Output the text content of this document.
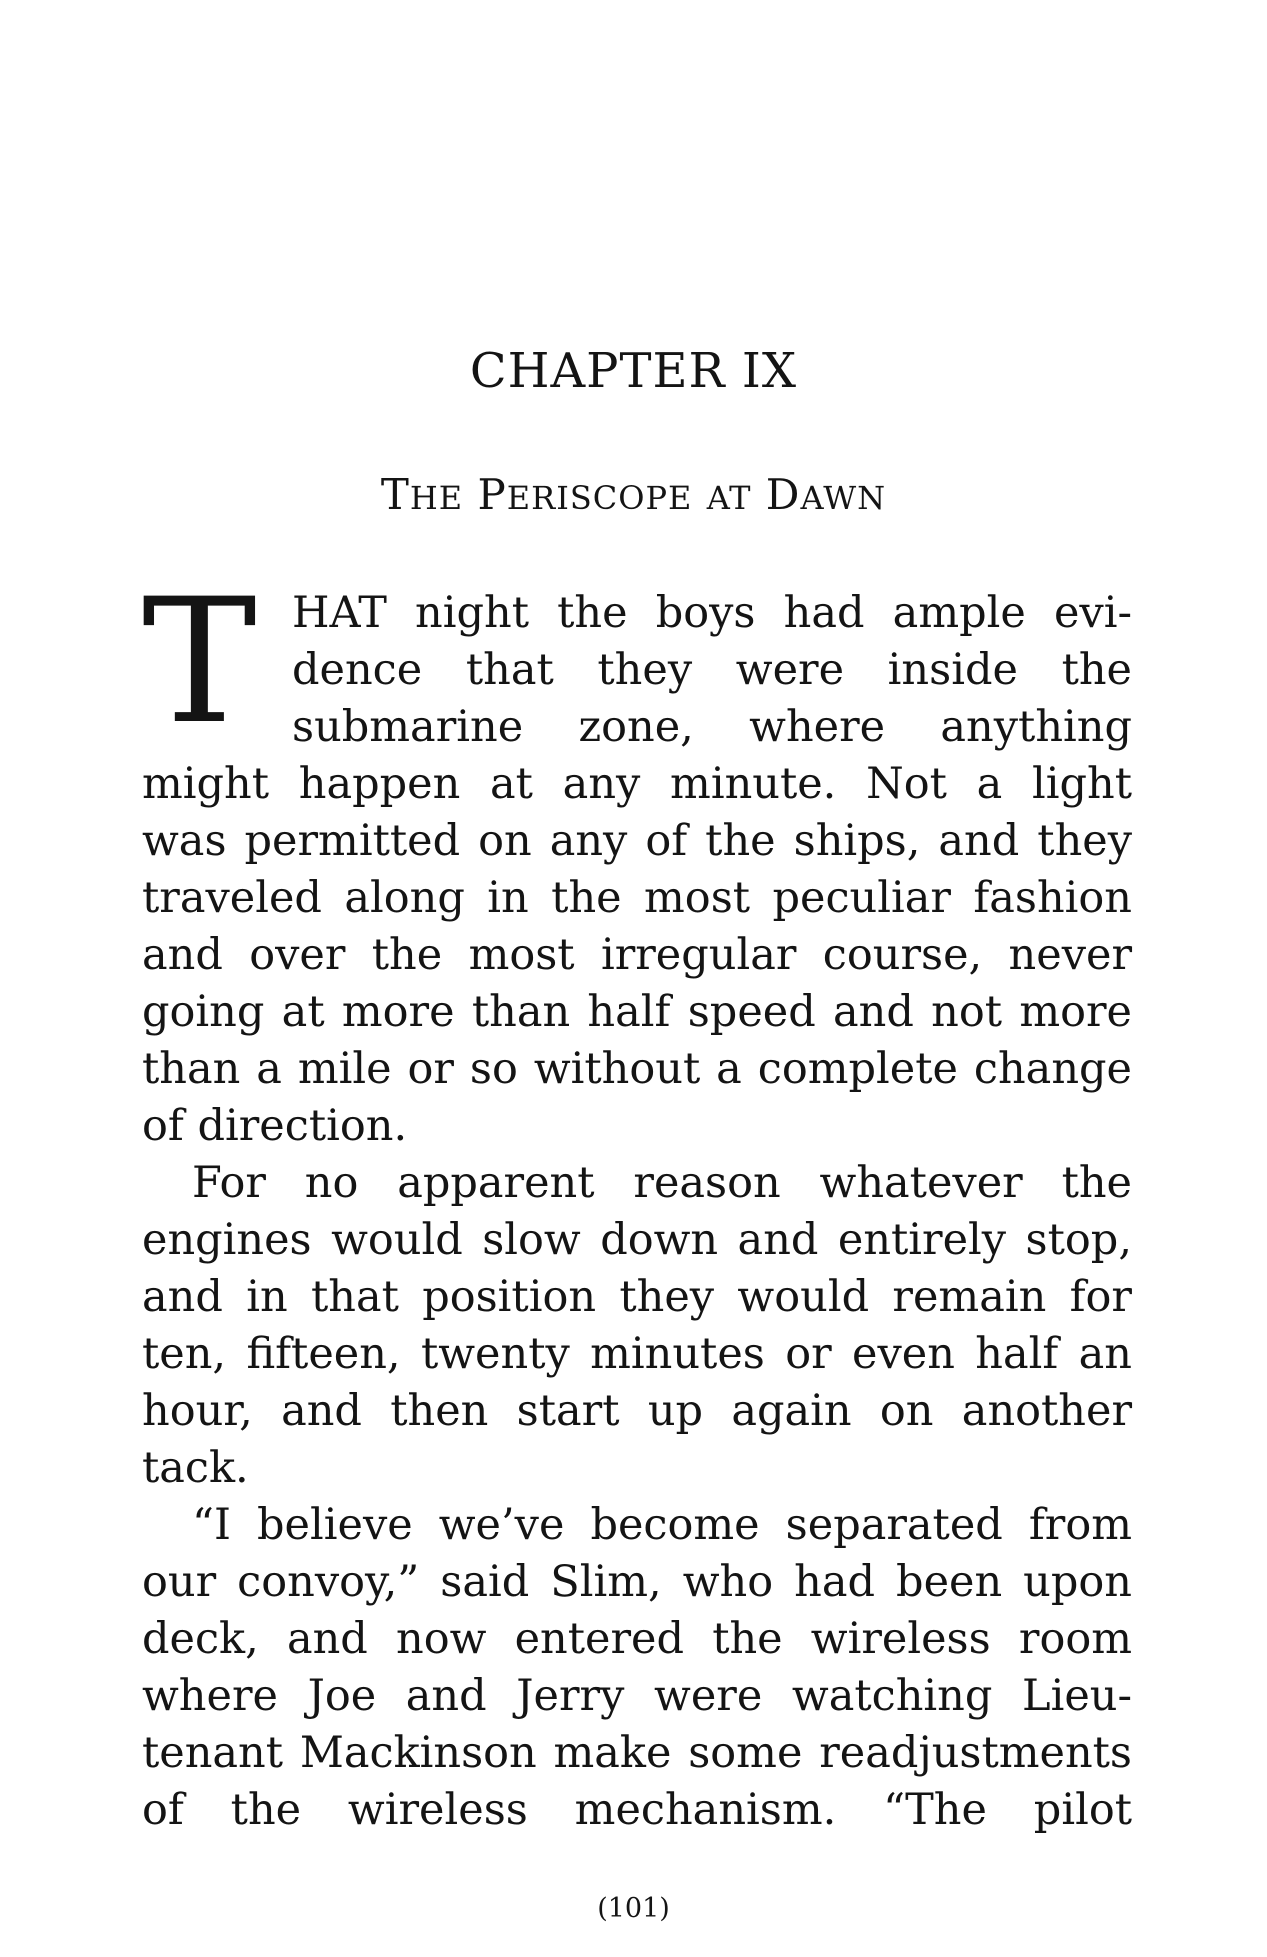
CHAPTER IX
THE PERISCOPE AT DAWN
T HAT night the boys had ample evi-
dence that they were inside the
submarine zone, where anything
might happen at any minute. Not a light
was permitted on any of the ships, and they
traveled along in the most peculiar fashion
and over the most irregular course, never
going at more than half speed and not more
than a mile or so without a complete change
of direction.
For no apparent reason whatever the
engines would slow down and entirely stop,
and in that position they would remain for
ten, fifteen, twenty minutes or even half an
hour, and then start up again on another
tack.
“I believe we’ve become separated from
our convoy,” said Slim, who had been upon
deck, and now entered the wireless room
where Joe and Jerry were watching Lieu-
tenant Mackinson make some readjustments
of the wireless mechanism. “The pilot
(101)
